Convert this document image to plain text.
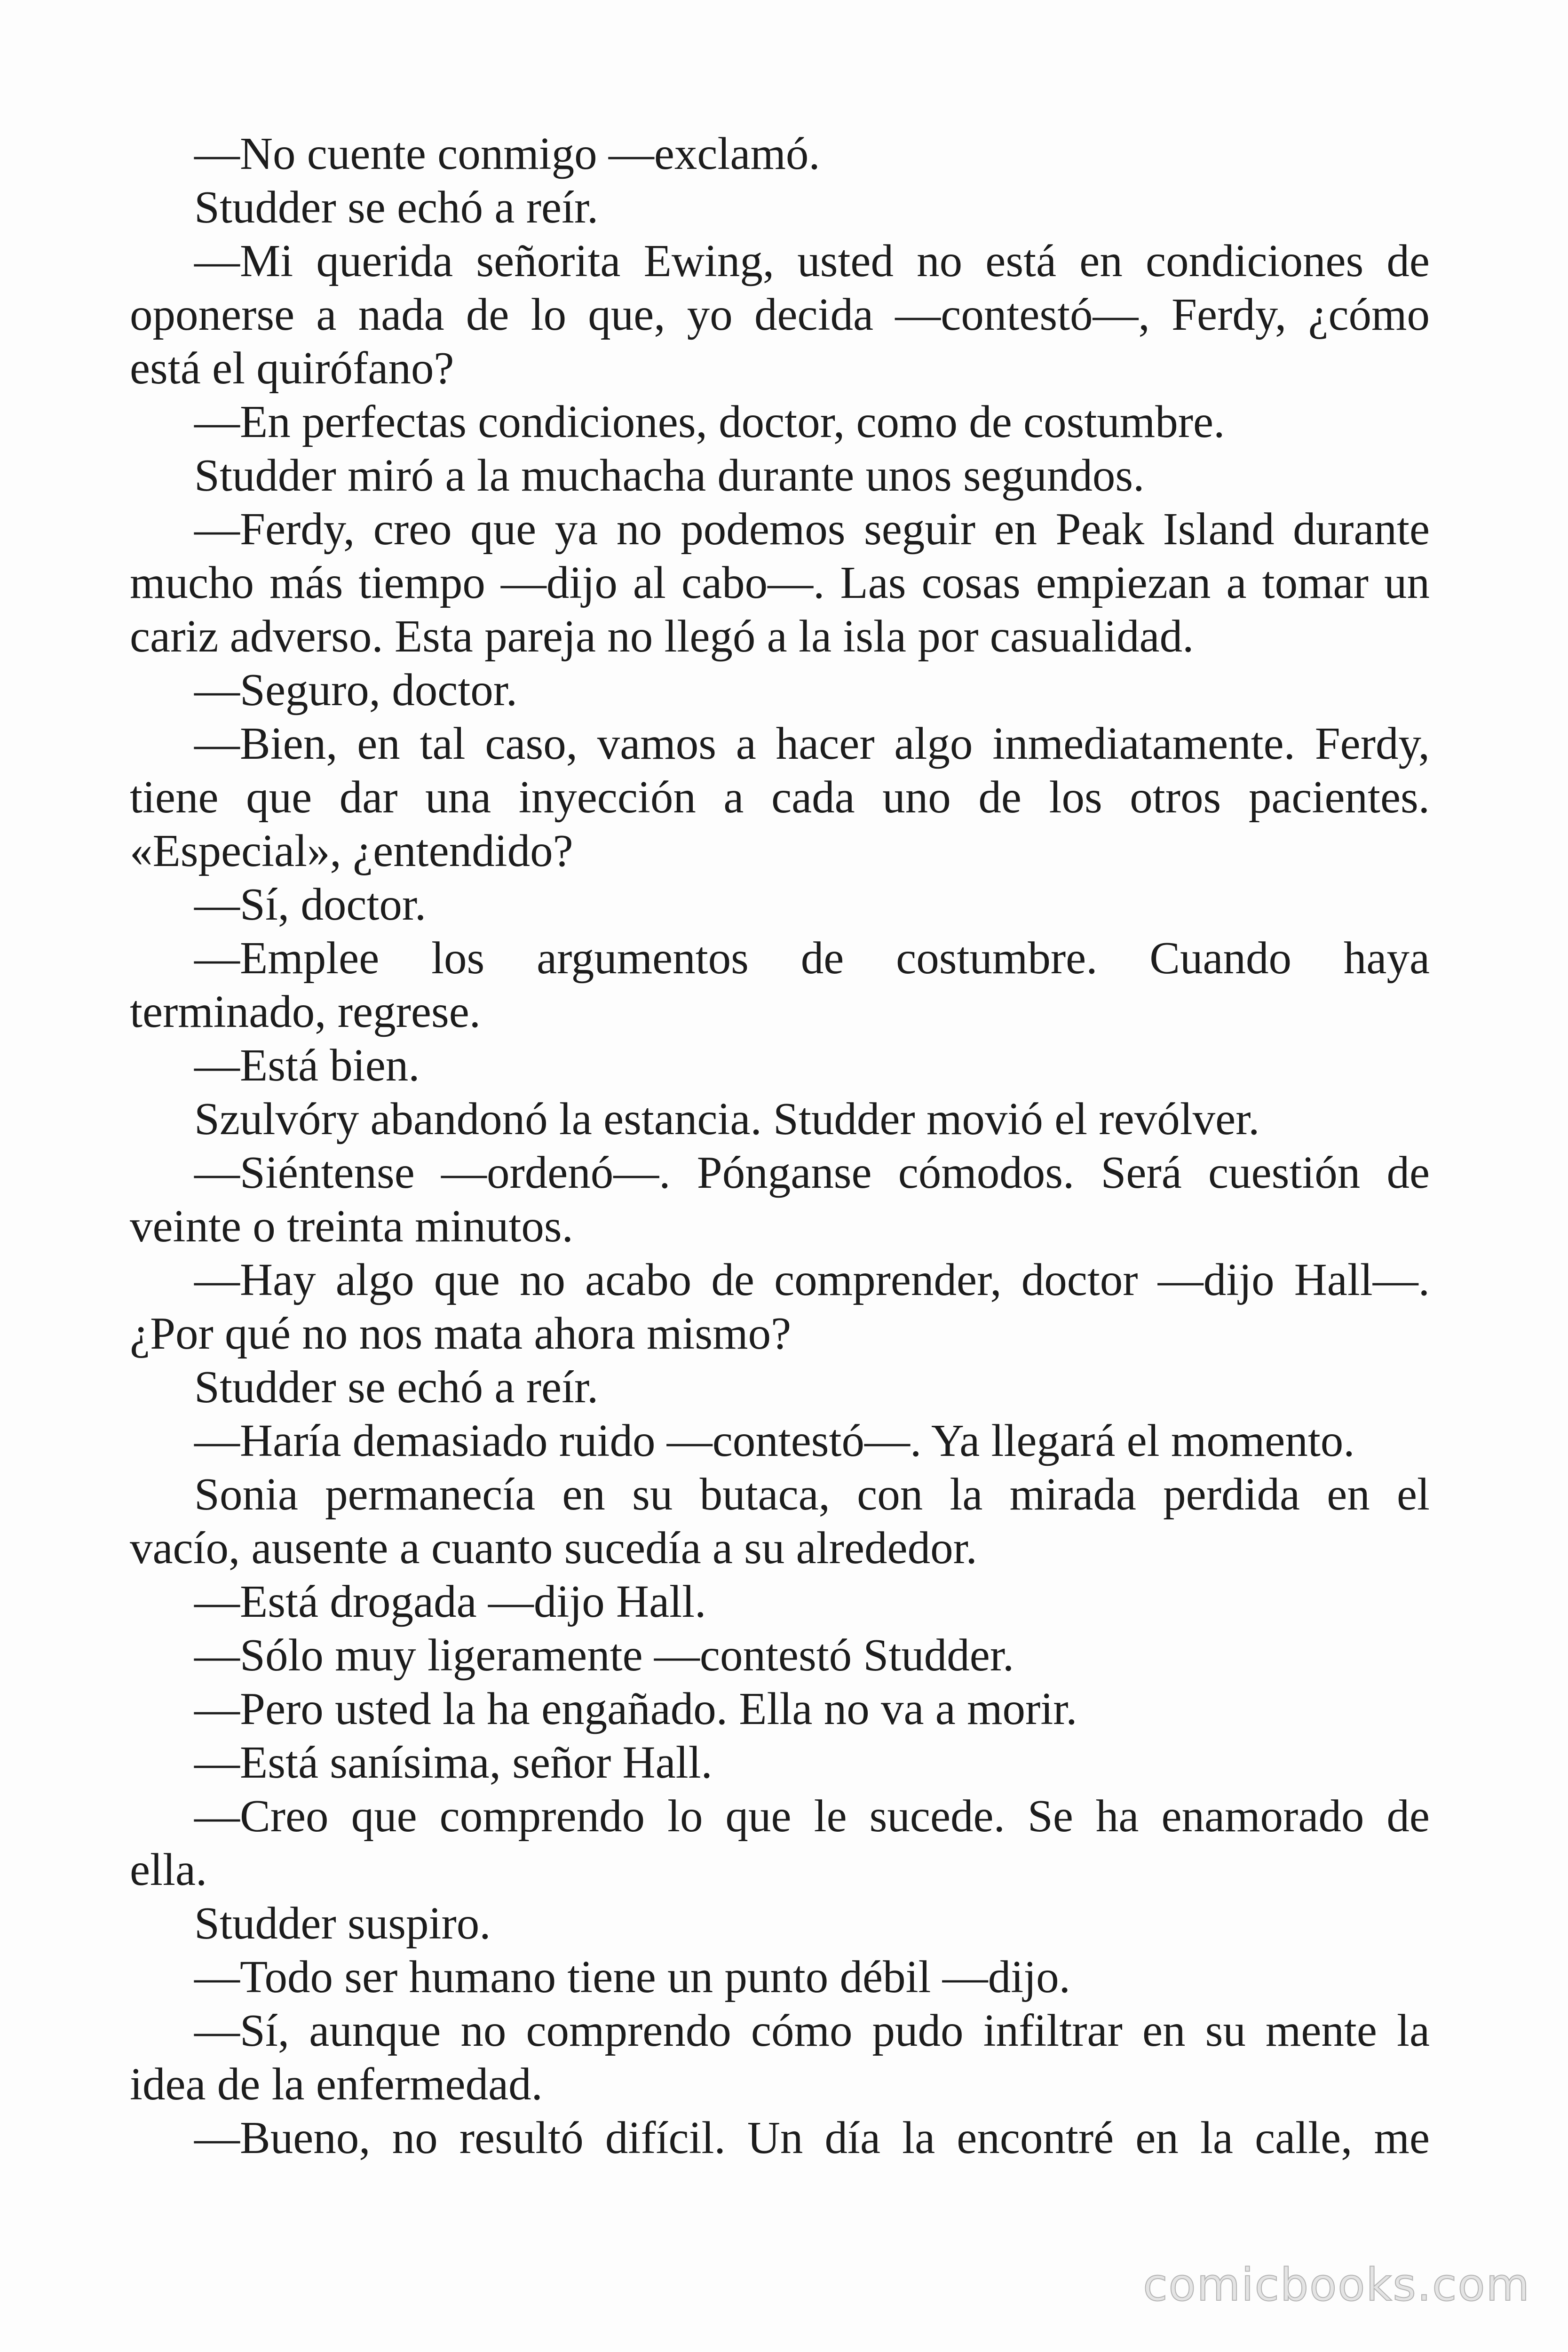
—No cuente conmigo —exclamó.
Studder se echó a reír.
—Mi querida señorita Ewing, usted no está en condiciones de
oponerse a nada de lo que, yo decida —contestó—, Ferdy, ¿cómo
está el quirófano?
—En perfectas condiciones, doctor, como de costumbre.
Studder miró a la muchacha durante unos segundos.
—Ferdy, creo que ya no podemos seguir en Peak Island durante
mucho más tiempo —dijo al cabo—. Las cosas empiezan a tomar un
cariz adverso. Esta pareja no llegó a la isla por casualidad.
—Seguro, doctor.
—Bien, en tal caso, vamos a hacer algo inmediatamente. Ferdy,
tiene que dar una inyección a cada uno de los otros pacientes.
«Especial», ¿entendido?
—Sí, doctor.
—Emplee los argumentos de costumbre. Cuando haya
terminado, regrese.
—Está bien.
Szulvóry abandonó la estancia. Studder movió el revólver.
—Siéntense —ordenó—. Pónganse cómodos. Será cuestión de
veinte o treinta minutos.
—Hay algo que no acabo de comprender, doctor —dijo Hall—.
¿Por qué no nos mata ahora mismo?
Studder se echó a reír.
—Haría demasiado ruido —contestó—. Ya llegará el momento.
Sonia permanecía en su butaca, con la mirada perdida en el
vacío, ausente a cuanto sucedía a su alrededor.
—Está drogada —dijo Hall.
—Sólo muy ligeramente —contestó Studder.
—Pero usted la ha engañado. Ella no va a morir.
—Está sanísima, señor Hall.
—Creo que comprendo lo que le sucede. Se ha enamorado de
ella.
Studder suspiro.
—Todo ser humano tiene un punto débil —dijo.
—Sí, aunque no comprendo cómo pudo infiltrar en su mente la
idea de la enfermedad.
—Bueno, no resultó difícil. Un día la encontré en la calle, me
comicbooks.com
